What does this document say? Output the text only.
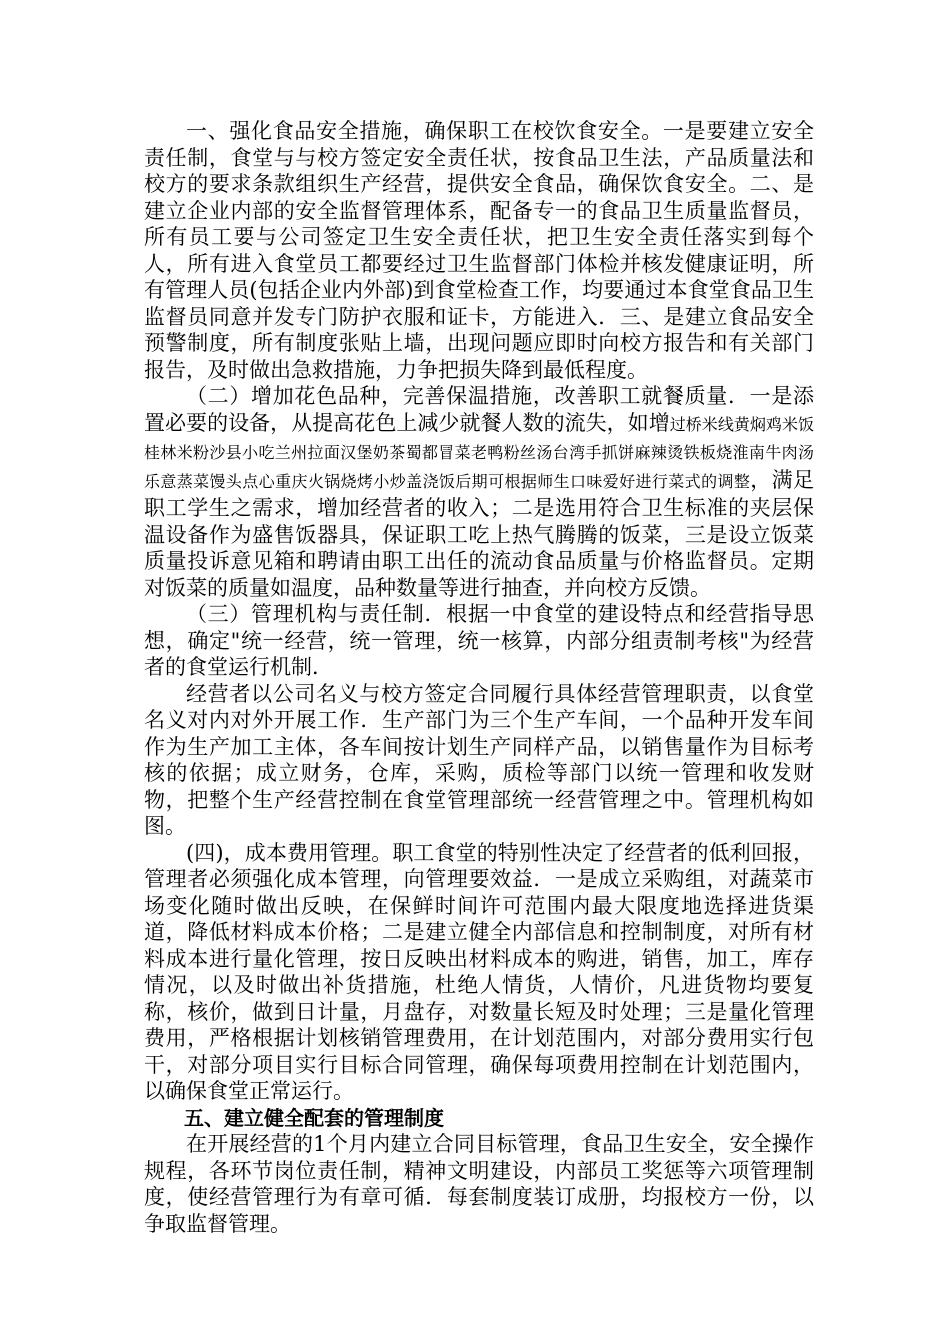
一、强化食品安全措施，确保职工在校饮食安全。一是要建立安全责任制，食堂与与校方签定安全责任状，按食品卫生法，产品质量法和校方的要求条款组织生产经营，提供安全食品，确保饮食安全。二、是建立企业内部的安全监督管理体系，配备专一的食品卫生质量监督员，所有员工要与公司签定卫生安全责任状，把卫生安全责任落实到每个人，所有进入食堂员工都要经过卫生监督部门体检并核发健康证明，所有管理人员(包括企业内外部)到食堂检查工作，均要通过本食堂食品卫生监督员同意并发专门防护衣服和证卡，方能进入．三、是建立食品安全预警制度，所有制度张贴上墙，出现问题应即时向校方报告和有关部门报告，及时做出急救措施，力争把损失降到最低程度。

（二）增加花色品种，完善保温措施，改善职工就餐质量．一是添置必要的设备，从提高花色上减少就餐人数的流失，如增过桥米线黄焖鸡米饭桂林米粉沙县小吃兰州拉面汉堡奶茶蜀都冒菜老鸭粉丝汤台湾手抓饼麻辣烫铁板烧淮南牛肉汤乐意蒸菜馒头点心重庆火锅烧烤小炒盖浇饭后期可根据师生口味爱好进行菜式的调整，满足职工学生之需求，增加经营者的收入；二是选用符合卫生标准的夹层保温设备作为盛售饭器具，保证职工吃上热气腾腾的饭菜，三是设立饭菜质量投诉意见箱和聘请由职工出任的流动食品质量与价格监督员。定期对饭菜的质量如温度，品种数量等进行抽查，并向校方反馈。

（三）管理机构与责任制．根据一中食堂的建设特点和经营指导思想，确定"统一经营，统一管理，统一核算，内部分组责制考核"为经营者的食堂运行机制．

经营者以公司名义与校方签定合同履行具体经营管理职责，以食堂名义对内对外开展工作．生产部门为三个生产车间，一个品种开发车间作为生产加工主体，各车间按计划生产同样产品，以销售量作为目标考核的依据；成立财务，仓库，采购，质检等部门以统一管理和收发财物，把整个生产经营控制在食堂管理部统一经营管理之中。管理机构如图。

(四)，成本费用管理。职工食堂的特别性决定了经营者的低利回报，管理者必须强化成本管理，向管理要效益．一是成立采购组，对蔬菜市场变化随时做出反映，在保鲜时间许可范围内最大限度地选择进货渠道，降低材料成本价格；二是建立健全内部信息和控制制度，对所有材料成本进行量化管理，按日反映出材料成本的购进，销售，加工，库存情况，以及时做出补货措施，杜绝人情货，人情价，凡进货物均要复称，核价，做到日计量，月盘存，对数量长短及时处理；三是量化管理费用，严格根据计划核销管理费用，在计划范围内，对部分费用实行包干，对部分项目实行目标合同管理，确保每项费用控制在计划范围内，以确保食堂正常运行。

五、建立健全配套的管理制度

在开展经营的1个月内建立合同目标管理，食品卫生安全，安全操作规程，各环节岗位责任制，精神文明建设，内部员工奖惩等六项管理制度，使经营管理行为有章可循．每套制度装订成册，均报校方一份，以争取监督管理。
